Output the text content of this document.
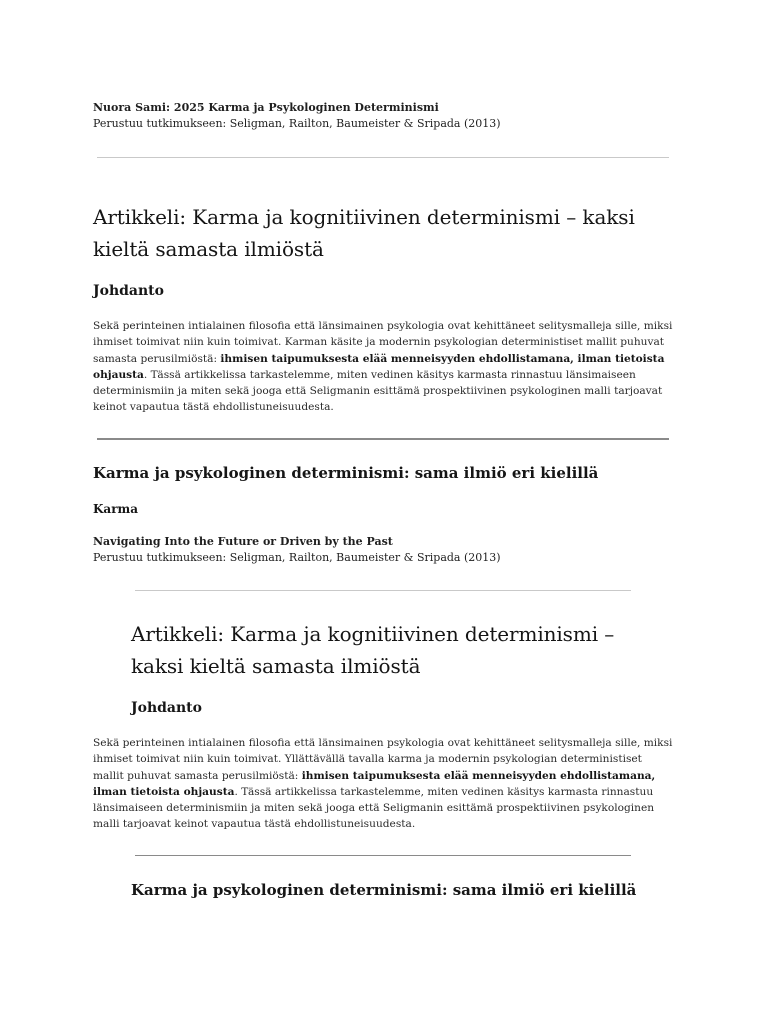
Nuora Sami: 2025 Karma ja Psykologinen Determinismi

Perustuu tutkimukseen: Seligman, Railton, Baumeister & Sripada (2013)

Artikkeli: Karma ja kognitiivinen determinismi – kaksi kieltä samasta ilmiöstä
Johdanto

Sekä perinteinen intialainen filosofia että länsimainen psykologia ovat kehittäneet selitysmalleja sille, miksi ihmiset toimivat niin kuin toimivat. Karman käsite ja modernin psykologian deterministiset mallit puhuvat samasta perusilmiöstä: ihmisen taipumuksesta elää menneisyyden ehdollistamana, ilman tietoista ohjausta. Tässä artikkelissa tarkastelemme, miten vedinen käsitys karmasta rinnastuu länsimaiseen determinismiin ja miten sekä jooga että Seligmanin esittämä prospektiivinen psykologinen malli tarjoavat keinot vapautua tästä ehdollistuneisuudesta.

Karma ja psykologinen determinismi: sama ilmiö eri kielillä
Karma

Navigating Into the Future or Driven by the Past

Perustuu tutkimukseen: Seligman, Railton, Baumeister & Sripada (2013)

Artikkeli: Karma ja kognitiivinen determinismi – kaksi kieltä samasta ilmiöstä
Johdanto

Sekä perinteinen intialainen filosofia että länsimainen psykologia ovat kehittäneet selitysmalleja sille, miksi ihmiset toimivat niin kuin toimivat. Yllättävällä tavalla karma ja modernin psykologian deterministiset mallit puhuvat samasta perusilmiöstä: ihmisen taipumuksesta elää menneisyyden ehdollistamana, ilman tietoista ohjausta. Tässä artikkelissa tarkastelemme, miten vedinen käsitys karmasta rinnastuu länsimaiseen determinismiin ja miten sekä jooga että Seligmanin esittämä prospektiivinen psykologinen malli tarjoavat keinot vapautua tästä ehdollistuneisuudesta.

Karma ja psykologinen determinismi: sama ilmiö eri kielillä
